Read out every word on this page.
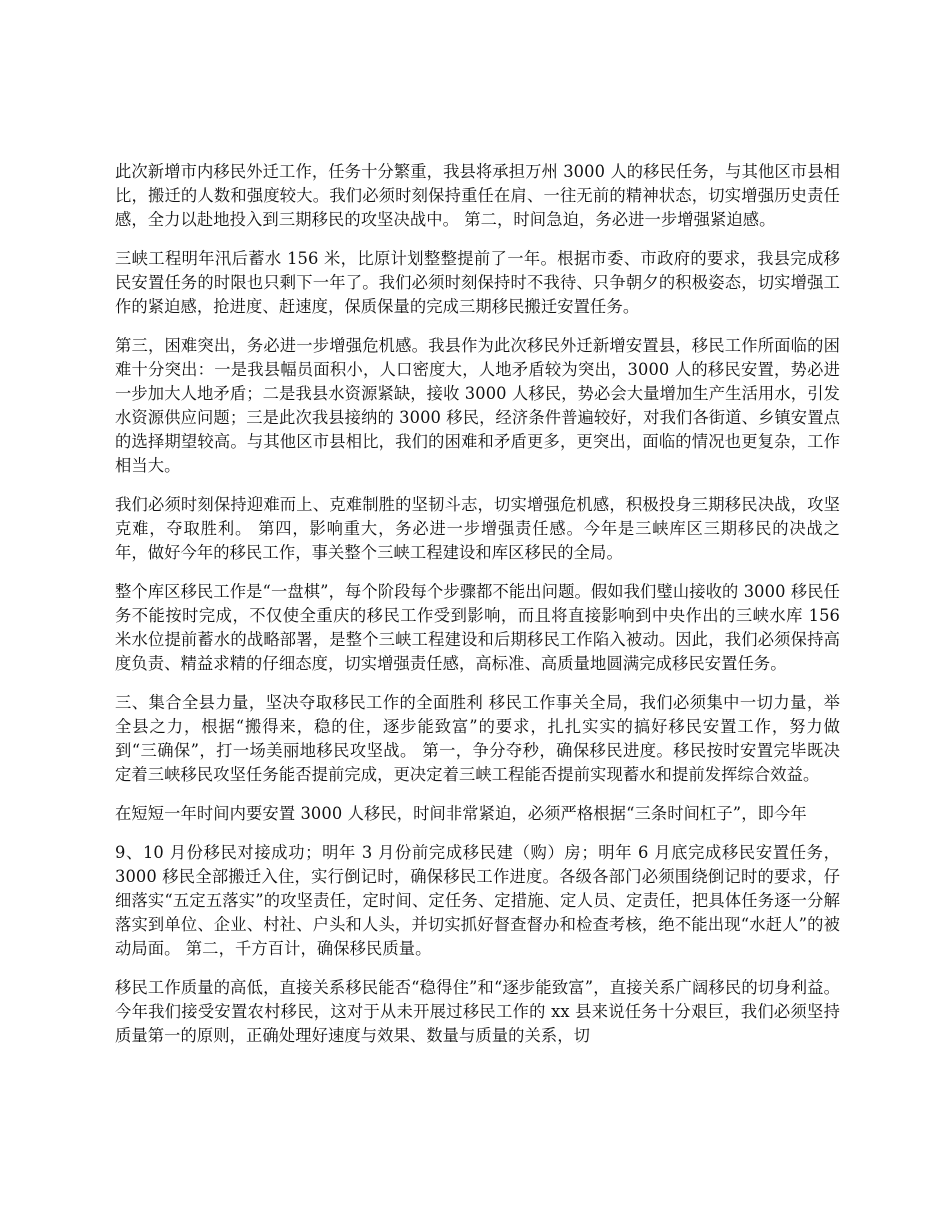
此次新增市内移民外迁工作，任务十分繁重，我县将承担万州 3000 人的移民任务，与其他区市县相比，搬迁的人数和强度较大。我们必须时刻保持重任在肩、一往无前的精神状态，切实增强历史责任感，全力以赴地投入到三期移民的攻坚决战中。 第二，时间急迫，务必进一步增强紧迫感。

三峡工程明年汛后蓄水 156 米，比原计划整整提前了一年。根据市委、市政府的要求，我县完成移民安置任务的时限也只剩下一年了。我们必须时刻保持时不我待、只争朝夕的积极姿态，切实增强工作的紧迫感，抢进度、赶速度，保质保量的完成三期移民搬迁安置任务。

第三，困难突出，务必进一步增强危机感。我县作为此次移民外迁新增安置县，移民工作所面临的困难十分突出：一是我县幅员面积小，人口密度大，人地矛盾较为突出，3000 人的移民安置，势必进一步加大人地矛盾；二是我县水资源紧缺，接收 3000 人移民，势必会大量增加生产生活用水，引发水资源供应问题；三是此次我县接纳的 3000 移民，经济条件普遍较好，对我们各街道、乡镇安置点的选择期望较高。与其他区市县相比，我们的困难和矛盾更多，更突出，面临的情况也更复杂，工作相当大。

我们必须时刻保持迎难而上、克难制胜的坚韧斗志，切实增强危机感，积极投身三期移民决战，攻坚克难，夺取胜利。 第四，影响重大，务必进一步增强责任感。今年是三峡库区三期移民的决战之年，做好今年的移民工作，事关整个三峡工程建设和库区移民的全局。

整个库区移民工作是“一盘棋”，每个阶段每个步骤都不能出问题。假如我们璧山接收的 3000 移民任务不能按时完成，不仅使全重庆的移民工作受到影响，而且将直接影响到中央作出的三峡水库 156 米水位提前蓄水的战略部署，是整个三峡工程建设和后期移民工作陷入被动。因此，我们必须保持高度负责、精益求精的仔细态度，切实增强责任感，高标准、高质量地圆满完成移民安置任务。

三、集合全县力量，坚决夺取移民工作的全面胜利 移民工作事关全局，我们必须集中一切力量，举全县之力，根据“搬得来，稳的住，逐步能致富”的要求，扎扎实实的搞好移民安置工作，努力做到“三确保”，打一场美丽地移民攻坚战。 第一，争分夺秒，确保移民进度。移民按时安置完毕既决定着三峡移民攻坚任务能否提前完成，更决定着三峡工程能否提前实现蓄水和提前发挥综合效益。

在短短一年时间内要安置 3000 人移民，时间非常紧迫，必须严格根据“三条时间杠子”，即今年

9、10 月份移民对接成功；明年 3 月份前完成移民建（购）房；明年 6 月底完成移民安置任务，3000 移民全部搬迁入住，实行倒记时，确保移民工作进度。各级各部门必须围绕倒记时的要求，仔细落实“五定五落实”的攻坚责任，定时间、定任务、定措施、定人员、定责任，把具体任务逐一分解落实到单位、企业、村社、户头和人头，并切实抓好督查督办和检查考核，绝不能出现“水赶人”的被动局面。 第二，千方百计，确保移民质量。

移民工作质量的高低，直接关系移民能否“稳得住”和“逐步能致富”，直接关系广阔移民的切身利益。今年我们接受安置农村移民，这对于从未开展过移民工作的 xx 县来说任务十分艰巨，我们必须坚持质量第一的原则，正确处理好速度与效果、数量与质量的关系，切
